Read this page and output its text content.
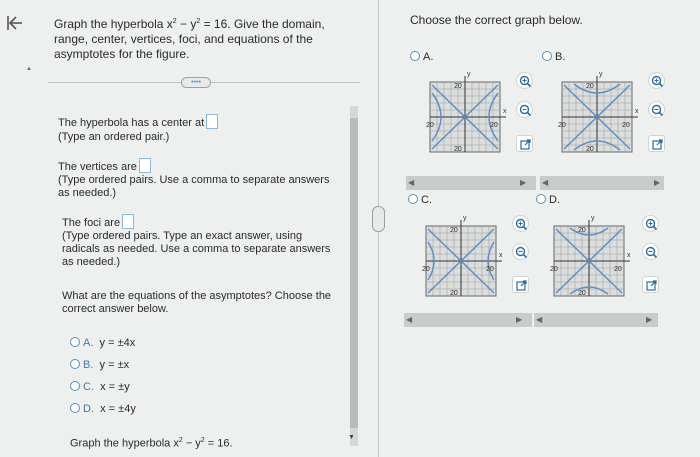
Graph the hyperbola $x^2 - y^2 = 16$. Give the domain,
range, center, vertices, foci, and equations of the
asymptotes for the figure.
••••
▲
The hyperbola has a center at
(Type an ordered pair.)
The vertices are
(Type ordered pairs. Use a comma to separate answers
as needed.)
The foci are
(Type ordered pairs. Type an exact answer, using
radicals as needed. Use a comma to separate answers
as needed.)
What are the equations of the asymptotes? Choose the
correct answer below.
A. y = ±4x
B. y = ±x
C. x = ±y
D. x = ±4y
Graph the hyperbola $x^2 - y^2 = 16$.
▼
Choose the correct graph below.
A.	B.
C.	D.
y
x
20
20
20	20
y
x
20
20
20	20
y
x
20
20
20	20
y
x
20
20
20	20
◀	▶ ◀	▶
◀	▶ ◀	▶
